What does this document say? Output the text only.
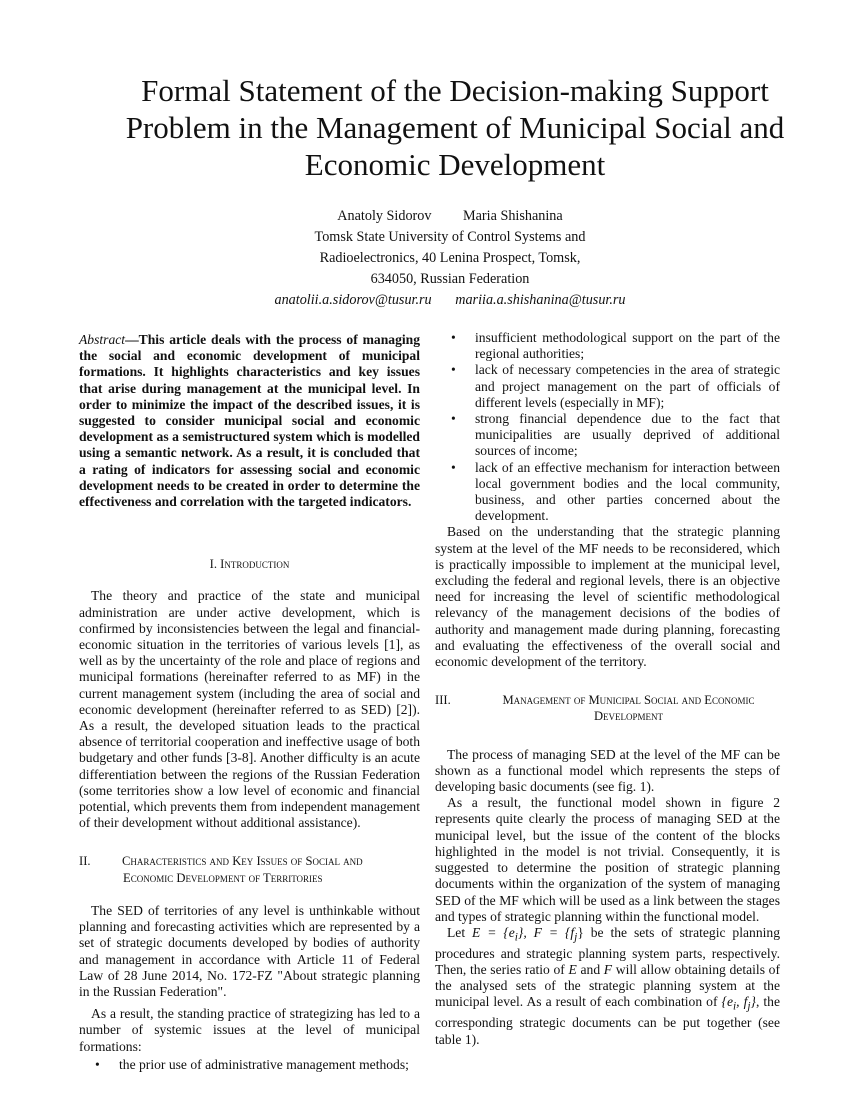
Formal Statement of the Decision-making Support Problem in the Management of Municipal Social and Economic Development
Anatoly Sidorov Maria Shishanina
Tomsk State University of Control Systems and
Radioelectronics, 40 Lenina Prospect, Tomsk,
634050, Russian Federation
anatolii.a.sidorov@tusur.ru mariia.a.shishanina@tusur.ru

Abstract—This article deals with the process of managing the social and economic development of municipal formations. It highlights characteristics and key issues that arise during management at the municipal level. In order to minimize the impact of the described issues, it is suggested to consider municipal social and economic development as a semistructured system which is modelled using a semantic network. As a result, it is concluded that a rating of indicators for assessing social and economic development needs to be created in order to determine the effectiveness and correlation with the targeted indicators.

I. Introduction

The theory and practice of the state and municipal administration are under active development, which is confirmed by inconsistencies between the legal and financial-economic situation in the territories of various levels [1], as well as by the uncertainty of the role and place of regions and municipal formations (hereinafter referred to as MF) in the current management system (including the area of social and economic development (hereinafter referred to as SED) [2]). As a result, the developed situation leads to the practical absence of territorial cooperation and ineffective usage of both budgetary and other funds [3-8]. Another difficulty is an acute differentiation between the regions of the Russian Federation (some territories show a low level of economic and financial potential, which prevents them from independent management of their development without additional assistance).

II.	Characteristics and Key Issues of Social and
Economic Development of Territories

The SED of territories of any level is unthinkable without planning and forecasting activities which are represented by a set of strategic documents developed by bodies of authority and management in accordance with Article 11 of Federal Law of 28 June 2014, No. 172-FZ "About strategic planning in the Russian Federation".

As a result, the standing practice of strategizing has led to a number of systemic issues at the level of municipal formations:

• the prior use of administrative management methods;
• insufficient methodological support on the part of the regional authorities;
• lack of necessary competencies in the area of strategic and project management on the part of officials of different levels (especially in MF);
• strong financial dependence due to the fact that municipalities are usually deprived of additional sources of income;
• lack of an effective mechanism for interaction between local government bodies and the local community, business, and other parties concerned about the development.

Based on the understanding that the strategic planning system at the level of the MF needs to be reconsidered, which is practically impossible to implement at the municipal level, excluding the federal and regional levels, there is an objective need for increasing the level of scientific methodological relevancy of the management decisions of the bodies of authority and management made during planning, forecasting and evaluating the effectiveness of the overall social and economic development of the territory.

III.	Management of Municipal Social and Economic
Development

The process of managing SED at the level of the MF can be shown as a functional model which represents the steps of developing basic documents (see fig. 1).

As a result, the functional model shown in figure 2 represents quite clearly the process of managing SED at the municipal level, but the issue of the content of the blocks highlighted in the model is not trivial. Consequently, it is suggested to determine the position of strategic planning documents within the organization of the system of managing SED of the MF which will be used as a link between the stages and types of strategic planning within the functional model.

Let $E = \{e_i\}$, $F = \{f_j\}$ be the sets of strategic planning procedures and strategic planning system parts, respectively. Then, the series ratio of E and F will allow obtaining details of the analysed sets of the strategic planning system at the municipal level. As a result of each combination of {$e_i$, $f_j$}, the corresponding strategic documents can be put together (see table 1).
